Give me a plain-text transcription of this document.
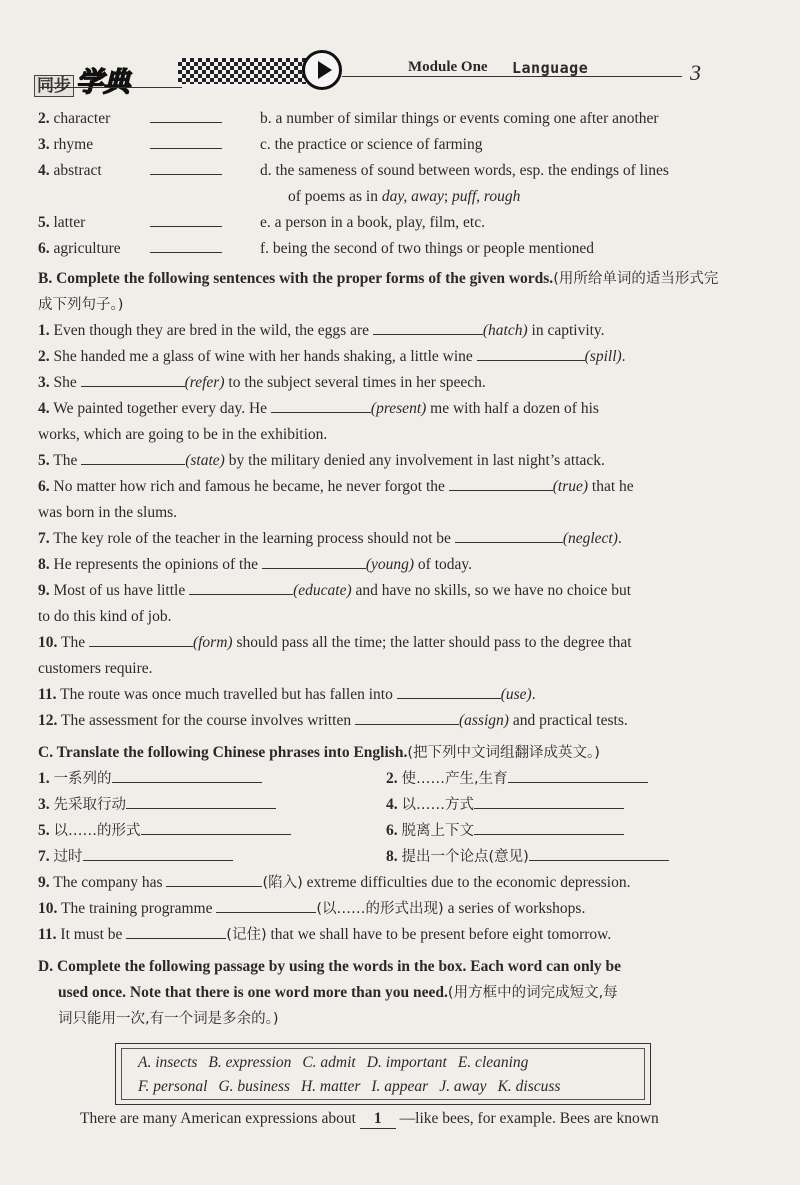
同步 学典	Module One Language	3
2. character	b. a number of similar things or events coming one after another
3. rhyme	c. the practice or science of farming
4. abstract	d. the sameness of sound between words, esp. the endings of lines
of poems as in day, away; puff, rough
5. latter	e. a person in a book, play, film, etc.
6. agriculture	f. being the second of two things or people mentioned
B. Complete the following sentences with the proper forms of the given words.(用所给单词的适当形式完成下列句子。)
1. Even though they are bred in the wild, the eggs are	(hatch) in captivity.
2. She handed me a glass of wine with her hands shaking, a little wine	(spill).
3. She	(refer) to the subject several times in her speech.
4. We painted together every day. He	(present) me with half a dozen of his
works, which are going to be in the exhibition.
5. The	(state) by the military denied any involvement in last night’s attack.
6. No matter how rich and famous he became, he never forgot the	(true) that he
was born in the slums.
7. The key role of the teacher in the learning process should not be	(neglect).
8. He represents the opinions of the	(young) of today.
9. Most of us have little	(educate) and have no skills, so we have no choice but
to do this kind of job.
10. The	(form) should pass all the time; the latter should pass to the degree that
customers require.
11. The route was once much travelled but has fallen into	(use).
12. The assessment for the course involves written	(assign) and practical tests.
C. Translate the following Chinese phrases into English.(把下列中文词组翻译成英文。)
1. 一系列的	2. 使……产生,生育
3. 先采取行动	4. 以……方式
5. 以……的形式	6. 脱离上下文
7. 过时	8. 提出一个论点(意见)
9. The company has	(陷入) extreme difficulties due to the economic depression.
10. The training programme	(以……的形式出现) a series of workshops.
11. It must be	(记住) that we shall have to be present before eight tomorrow.
D. Complete the following passage by using the words in the box. Each word can only be
used once. Note that there is one word more than you need.(用方框中的词完成短文,每
词只能用一次,有一个词是多余的。)
A. insects B. expression C. admit D. important E. cleaning
F. personal G. business H. matter I. appear J. away K. discuss
There are many American expressions about 1 —like bees, for example. Bees are known
